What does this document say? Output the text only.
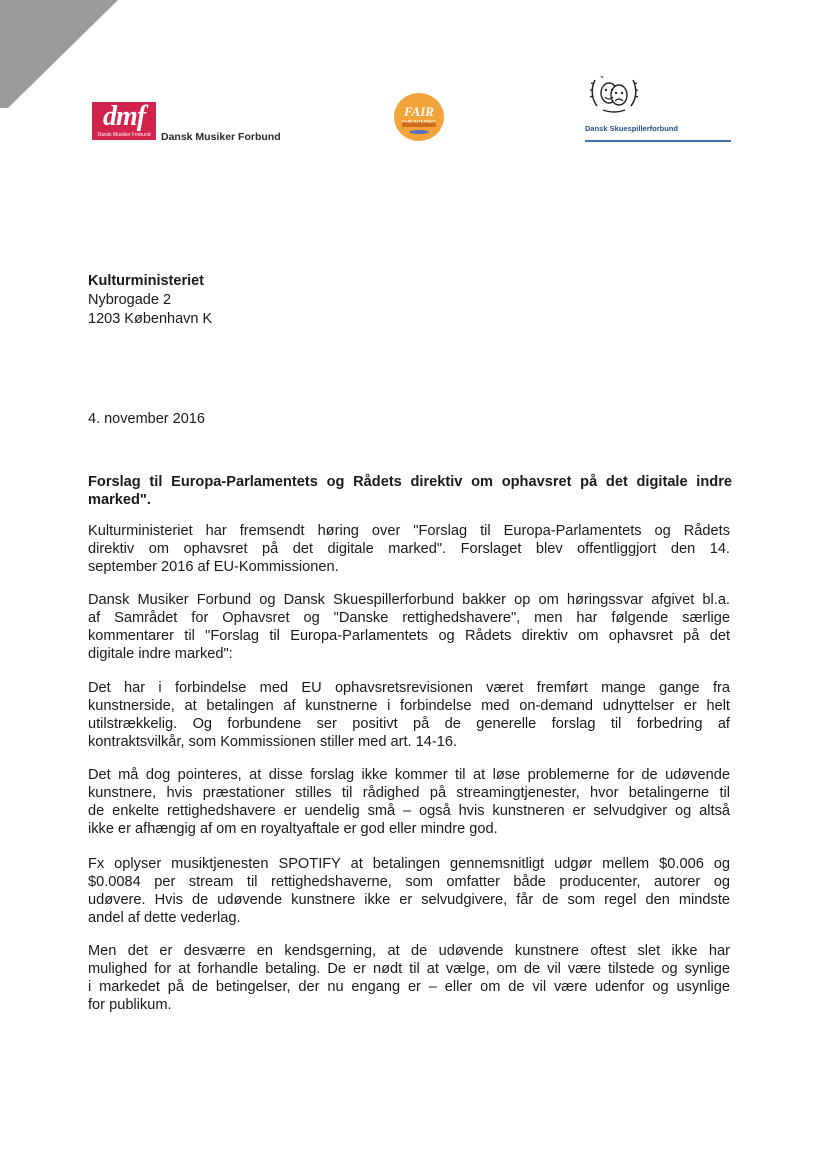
dmf
Dansk Musiker Forbund Dansk Musiker Forbund
FAIR
FAIR INTERNET
Dansk Skuespillerforbund
Kulturministeriet
Nybrogade 2
1203 København K
4. november 2016
Forslag til Europa-Parlamentets og Rådets direktiv om ophavsret på det digitale indre
marked".
Kulturministeriet har fremsendt høring over "Forslag til Europa-Parlamentets og Rådets
direktiv om ophavsret på det digitale marked". Forslaget blev offentliggjort den 14.
september 2016 af EU-Kommissionen.
Dansk Musiker Forbund og Dansk Skuespillerforbund bakker op om høringssvar afgivet bl.a.
af Samrådet for Ophavsret og "Danske rettighedshavere", men har følgende særlige
kommentarer til "Forslag til Europa-Parlamentets og Rådets direktiv om ophavsret på det
digitale indre marked":
Det har i forbindelse med EU ophavsretsrevisionen været fremført mange gange fra
kunstnerside, at betalingen af kunstnerne i forbindelse med on-demand udnyttelser er helt
utilstrækkelig. Og forbundene ser positivt på de generelle forslag til forbedring af
kontraktsvilkår, som Kommissionen stiller med art. 14-16.
Det må dog pointeres, at disse forslag ikke kommer til at løse problemerne for de udøvende
kunstnere, hvis præstationer stilles til rådighed på streamingtjenester, hvor betalingerne til
de enkelte rettighedshavere er uendelig små – også hvis kunstneren er selvudgiver og altså
ikke er afhængig af om en royaltyaftale er god eller mindre god.
Fx oplyser musiktjenesten SPOTIFY at betalingen gennemsnitligt udgør mellem $0.006 og
$0.0084 per stream til rettighedshaverne, som omfatter både producenter, autorer og
udøvere. Hvis de udøvende kunstnere ikke er selvudgivere, får de som regel den mindste
andel af dette vederlag.
Men det er desværre en kendsgerning, at de udøvende kunstnere oftest slet ikke har
mulighed for at forhandle betaling. De er nødt til at vælge, om de vil være tilstede og synlige
i markedet på de betingelser, der nu engang er – eller om de vil være udenfor og usynlige
for publikum.
